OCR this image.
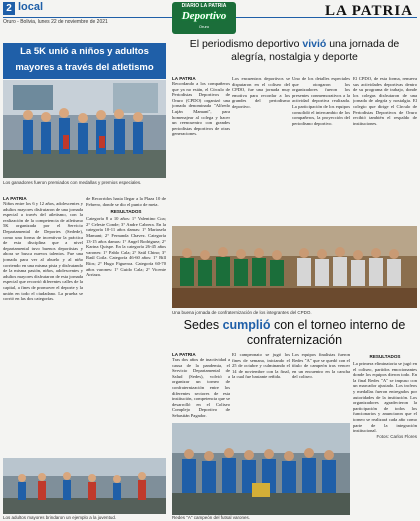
2 local
Oruro - Bolivia, lunes 22 de noviembre de 2021
LA PATRIA
DIARIO LA PATRIA
Deportivo
Oruro
La 5K unió a niños y adultos mayores a través del atletismo
Los ganadores fueron premiados con medallas y premios especiales.
LA PATRIA
Niños entre los 6 y 12 años, adolescentes y adultos mayores disfrutaron de una jornada especial a través del atletismo, con la realización de la competencia de atletismo 5K organizada por el Servicio Departamental de Deportes (Sedede), como una forma de incentivar la práctica de esta disciplina que a nivel departamental tuvo buenos deportistas y ahora se busca nuevos talentos. Fue una jornada para ver al abuelo y al niño corriendo en una misma pista y disfrutando de la misma pasión, niños, adolescentes y adultos mayores disfrutaron de esta jornada especial que recorrió diferentes calles de la capital, a fines de promover el deporte y la unión en todo el ciudadano. La prueba se corrió en las dos categorías.
de Recorridos hasta llegar a la Plaza 10 de Febrero, donde se dio el punto de meta.
RESULTADOS
Categoría 8 a 10 años: 1° Valentino Coa; 2° Celeste Conde; 3° Andre Cabrera. En la categoría 10-11 años damas: 1° Mariasela Mamani; 2° Fernanda Chavez. Categoría 13-15 años damas: 1° Angel Rodriguez; 2° Karina Quispe. En la categoría 26-45 años varones: 1° Pablo Cala; 2° Saúl Chino; 3° Raúl Coila. Categoría 46-60 años: 1° Bill Ríos; 2° Hugo Figueroa. Categoría 60-70 años varones: 1° Guido Cala; 2° Vicente Arriaza.
Los adultos mayores brindaron un ejemplo a la juventud.
El periodismo deportivo vivió una jornada de alegría, nostalgia y deporte
LA PATRIA
Recordando a los compañeros que ya no están, el Círculo de Periodistas Deportivos de Oruro (CPDO) organizó una jornada denominada "Alfredo Luján Mamani", para homenajear al colega y hacer un reencuentro con grandes periodistas deportivos de otras generaciones.
Los encuentros deportivos se disputaron en el coliseo del CPDO, fue una jornada muy emotiva para recordar a los grandes del periodismo deportivo.
Uno de los detalles especiales que otorgaron los organizadores fueron los presentes conmemorativos a la actividad deportiva realizada. La participación de los equipos consolidó el intercambio de los compañeros, la proyección del periodismo deportivo.
El CPDO, de esta forma, renueva sus actividades deportivas dentro de su programa de trabajo, donde los colegas disfrutaron de una jornada de alegría y nostalgia. El colegio que dirige el Círculo de Periodistas Deportivos de Oruro recibió también el respaldo de instituciones.
Una buena jornada de confraternización de los integrantes del CPDO.
Sedes cumplió con el torneo interno de confraternización
LA PATRIA
Tras dos años de inactividad a causa de la pandemia, el Servicio Departamental de Salud (Sedes), volvió a organizar un torneo de confraternización entre los diferentes sectores de esta institución, competencia que se desarrolló en el Coliseo Complejo Deportivo de Sebastián Pagador.
El campeonato se jugó los fines de semana, iniciando el 25 de octubre y culminando el 14 de noviembre con la final, la cual fue bastante reñida.
Los equipos finalistas fueron Redes "A" que se quedó con el título de campeón tras vencer en un encuentro en la cancha del coliseo.
RESULTADOS
La primera eliminatoria se jugó en el coliseo, partidos emocionantes donde los equipos dieron todo. En la final Redes "A" se impuso con un marcador ajustado. Los trofeos y medallas fueron entregados por autoridades de la institución. Los organizadores agradecieron la participación de todos los funcionarios y anunciaron que el torneo se realizará cada año como parte de la integración institucional.
Fotos: Carlos Flores
Redes "A" campeón del futsal varones.
